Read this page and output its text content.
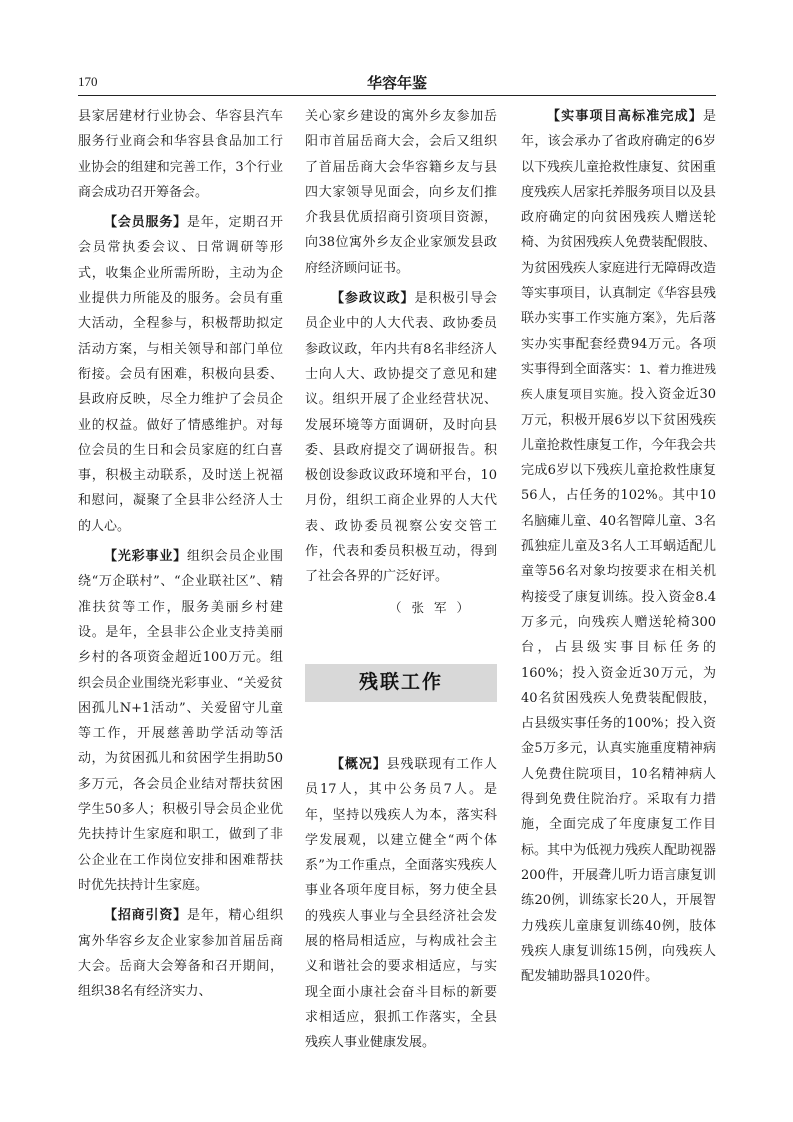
170	华容年鉴

县家居建材行业协会、华容县汽车服务行业商会和华容县食品加工行业协会的组建和完善工作，3个行业商会成功召开筹备会。

【会员服务】是年，定期召开会员常执委会议、日常调研等形式，收集企业所需所盼，主动为企业提供力所能及的服务。会员有重大活动，全程参与，积极帮助拟定活动方案，与相关领导和部门单位衔接。会员有困难，积极向县委、县政府反映，尽全力维护了会员企业的权益。做好了情感维护。对每位会员的生日和会员家庭的红白喜事，积极主动联系，及时送上祝福和慰问，凝聚了全县非公经济人士的人心。

【光彩事业】组织会员企业围绕“万企联村”、“企业联社区”、精准扶贫等工作，服务美丽乡村建设。是年，全县非公企业支持美丽乡村的各项资金超近100万元。组织会员企业围绕光彩事业、“关爱贫困孤儿N+1活动”、关爱留守儿童等工作，开展慈善助学活动等活动，为贫困孤儿和贫困学生捐助50多万元，各会员企业结对帮扶贫困学生50多人；积极引导会员企业优先扶持计生家庭和职工，做到了非公企业在工作岗位安排和困难帮扶时优先扶持计生家庭。

【招商引资】是年，精心组织寓外华容乡友企业家参加首届岳商大会。岳商大会筹备和召开期间，组织38名有经济实力、

关心家乡建设的寓外乡友参加岳阳市首届岳商大会，会后又组织了首届岳商大会华容籍乡友与县四大家领导见面会，向乡友们推介我县优质招商引资项目资源，向38位寓外乡友企业家颁发县政府经济顾问证书。

【参政议政】是积极引导会员企业中的人大代表、政协委员参政议政，年内共有8名非经济人士向人大、政协提交了意见和建议。组织开展了企业经营状况、发展环境等方面调研，及时向县委、县政府提交了调研报告。积极创设参政议政环境和平台，10月份，组织工商企业界的人大代表、政协委员视察公安交管工作，代表和委员积极互动，得到了社会各界的广泛好评。

（张军）
残联工作

【概况】县残联现有工作人员17人，其中公务员7人。是年，坚持以残疾人为本，落实科学发展观，以建立健全“两个体系”为工作重点，全面落实残疾人事业各项年度目标，努力使全县的残疾人事业与全县经济社会发展的格局相适应，与构成社会主义和谐社会的要求相适应，与实现全面小康社会奋斗目标的新要求相适应，狠抓工作落实，全县残疾人事业健康发展。

【实事项目高标准完成】是年，该会承办了省政府确定的6岁以下残疾儿童抢救性康复、贫困重度残疾人居家托养服务项目以及县政府确定的向贫困残疾人赠送轮椅、为贫困残疾人免费装配假肢、为贫困残疾人家庭进行无障碍改造等实事项目，认真制定《华容县残联办实事工作实施方案》，先后落实办实事配套经费94万元。各项实事得到全面落实：1、着力推进残疾人康复项目实施。投入资金近30万元，积极开展6岁以下贫困残疾儿童抢救性康复工作，今年我会共完成6岁以下残疾儿童抢救性康复56人，占任务的102%。其中10名脑瘫儿童、40名智障儿童、3名孤独症儿童及3名人工耳蜗适配儿童等56名对象均按要求在相关机构接受了康复训练。投入资金8.4万多元，向残疾人赠送轮椅300台，占县级实事目标任务的160%；投入资金近30万元，为40名贫困残疾人免费装配假肢，占县级实事任务的100%；投入资金5万多元，认真实施重度精神病人免费住院项目，10名精神病人得到免费住院治疗。采取有力措施，全面完成了年度康复工作目标。其中为低视力残疾人配助视器200件，开展聋儿听力语言康复训练20例，训练家长20人，开展智力残疾儿童康复训练40例，肢体残疾人康复训练15例，向残疾人配发辅助器具1020件。
